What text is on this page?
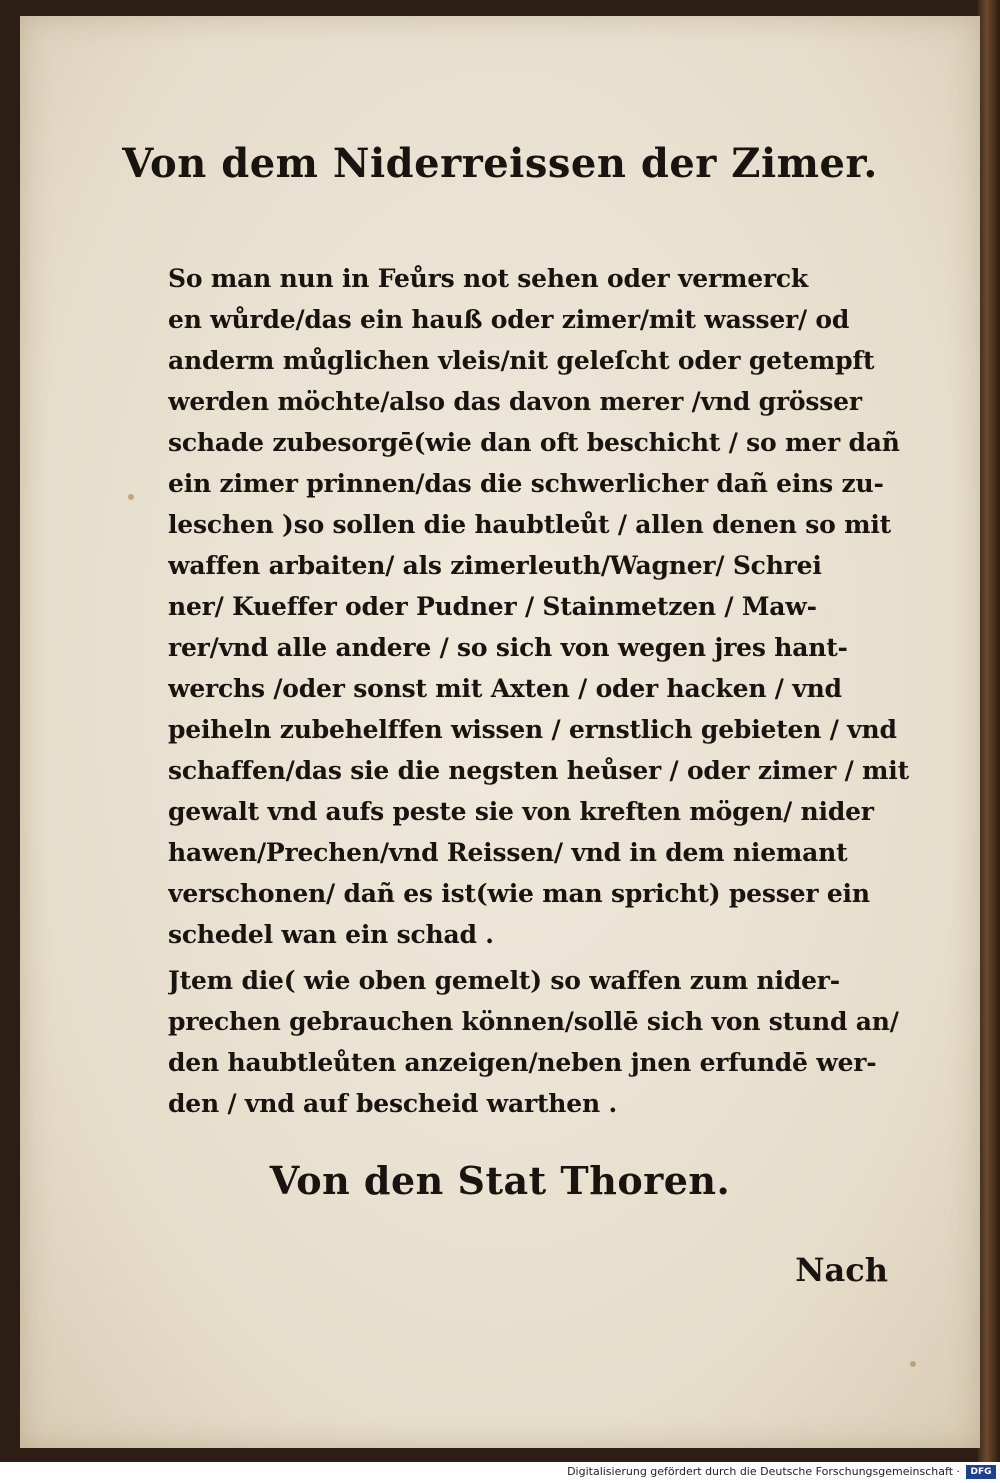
Von dem Niderreissen der Zimer.
So man nun in Feůrs not sehen oder vermerck
en wůrde/das ein hauß oder zimer/mit wasser/ od
anderm můglichen vleis/nit geleſcht oder getempft
werden möchte/also das davon merer /vnd grösser
schade zubesorgē(wie dan oft beschicht / so mer dañ
ein zimer prinnen/das die schwerlicher dañ eins zu-
leschen )so sollen die haubtleůt / allen denen so mit
waffen arbaiten/ als zimerleuth/Wagner/ Schrei
ner/ Kueffer oder Pudner / Stainmetzen / Maw-
rer/vnd alle andere / so sich von wegen jres hant-
werchs /oder sonst mit Axten / oder hacken / vnd
peiheln zubehelffen wissen / ernstlich gebieten / vnd
schaffen/das sie die negsten heůser / oder zimer / mit
gewalt vnd aufs peste sie von kreften mögen/ nider
hawen/Prechen/vnd Reissen/ vnd in dem niemant
verschonen/ dañ es ist(wie man spricht) pesser ein
schedel wan ein schad .
Jtem die( wie oben gemelt) so waffen zum nider-
prechen gebrauchen können/sollē sich von stund an/
den haubtleůten anzeigen/neben jnen erfundē wer-
den / vnd auf bescheid warthen .
Von den Stat Thoren.
Nach
Digitalisierung gefördert durch die Deutsche Forschungsgemeinschaft ·	DFG
